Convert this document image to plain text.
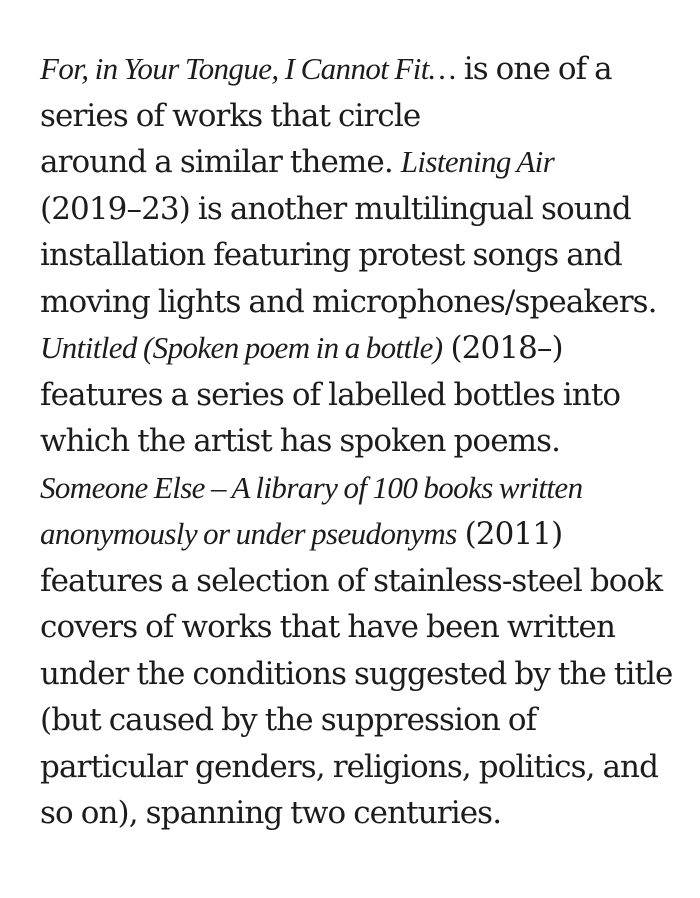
For, in Your Tongue, I Cannot Fit… is one of a
series of works that circle
around a similar theme. Listening Air
(2019–23) is another multilingual sound
installation featuring protest songs and
moving lights and microphones/speakers.
Untitled (Spoken poem in a bottle) (2018–)
features a series of labelled bottles into
which the artist has spoken poems.
Someone Else – A library of 100 books written
anonymously or under pseudonyms (2011)
features a selection of stainless-steel book
covers of works that have been written
under the conditions suggested by the title
(but caused by the suppression of
particular genders, religions, politics, and
so on), spanning two centuries.
